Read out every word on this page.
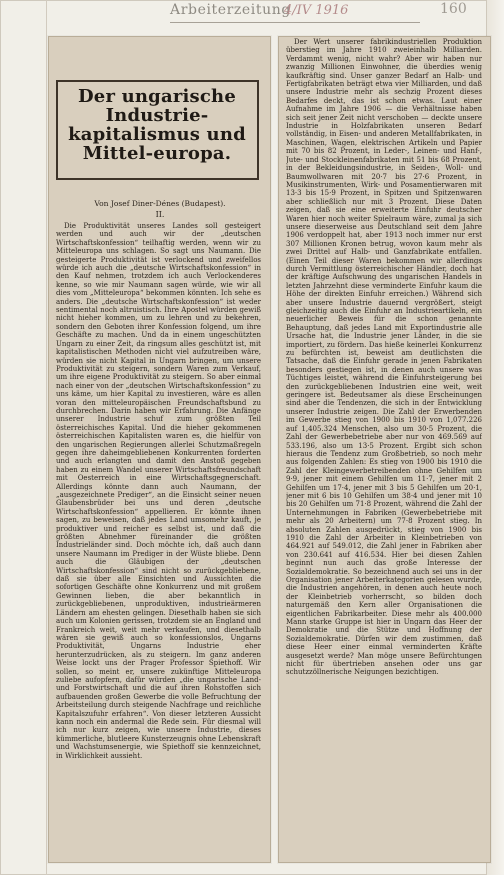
Arbeiterzeitung
4/IV 1916	160
Der ungarische Industrie-kapitalismus und Mittel-europa.
Von Josef Diner-Dénes (Budapest).
II.

Die Produktivität unseres Landes soll gesteigert werden und auch wir der „deutschen Wirtschaftskonfession“ teilhaftig werden, wenn wir zu Mitteleuropa uns schlagen. So sagt uns Naumann. Die gesteigerte Produktivität ist verlockend und zweifellos würde ich auch die „deutsche Wirtschaftskonfession“ in den Kauf nehmen, trotzdem ich auch Verlockenderes kenne, so wie mir Naumann sagen würde, wie wir all dies vom „Mitteleuropa“ bekommen könnten. Ich sehe es anders. Die „deutsche Wirtschaftskonfession“ ist weder sentimental noch altruistisch. Ihre Apostel würden gewiß nicht hieher kommen, um zu lehren und zu bekehren, sondern den Geboten ihrer Konfession folgend, um ihre Geschäfte zu machen. Und da in einem ungeschützten Ungarn zu einer Zeit, da ringsum alles geschützt ist, mit kapitalistischen Methoden nicht viel aufzutreiben wäre, würden sie nicht Kapital in Ungarn bringen, um unsere Produktivität zu steigern, sondern Waren zum Verkauf, um ihre eigene Produktivität zu steigern. So aber einmal nach einer von der „deutschen Wirtschaftskonfession“ zu uns käme, um hier Kapital zu investieren, wäre es allen voran den mitteleuropäischen Freundschaftsbund zu durchbrechen. Darin haben wir Erfahrung. Die Anfänge unserer Industrie schuf zum größten Teil österreichisches Kapital. Und die hieher gekommenen österreichischen Kapitalisten waren es, die hielfür von den ungarischen Regierungen allerlei Schutzmaßregeln gegen ihre daheimgebliebenen Konkurrenten forderten und auch erlangten und damit den Anstoß gegeben haben zu einem Wandel unserer Wirtschaftsfreundschaft mit Oesterreich in eine Wirtschaftsgegnerschaft. Allerdings könnte dann auch Naumann, der „ausgezeichnete Prediger“, an die Einsicht seiner neuen Glaubensbrüder bei uns und deren „deutsche Wirtschaftskonfession“ appellieren. Er könnte ihnen sagen, zu beweisen, daß jedes Land umsomehr kauft, je produktiver und reicher es selbst ist, und daß die größten Abnehmer füreinander die größten Industrieländer sind. Doch möchte ich, daß auch dann unsere Naumann im Prediger in der Wüste bliebe. Denn auch die Gläubigen der „deutschen Wirtschaftskonfession“ sind nicht so zurückgebliebene, daß sie über alle Einsichten und Aussichten die sofortigen Geschäfte ohne Konkurrenz und mit großem Gewinnen lieben, die aber bekanntlich in zurückgebliebenen, unproduktiven, industrieärmeren Ländern am ehesten gelingen. Diesethalb haben sie sich auch um Kolonien gerissen, trotzdem sie an England und Frankreich weit, weit mehr verkaufen, und diesethalb wären sie gewiß auch so konfessionslos, Ungarns Produktivität, Ungarns Industrie eher herunterzudrücken, als zu steigern. Im ganz anderen Weise lockt uns der Prager Professor Spiethoff. Wir sollen, so meint er, unsere zukünftige Mitteleuropa zuliebe aufopfern, dafür würden „die ungarische Land- und Forstwirtschaft und die auf ihren Rohstoffen sich aufbauenden großen Gewerbe die volle Befruchtung der Arbeitsteilung durch steigende Nachfrage und reichliche Kapitalszufuhr erfahren“. Von dieser letzteren Aussicht kann noch ein andermal die Rede sein. Für diesmal will ich nur kurz zeigen, wie unsere Industrie, dieses kümmerliche, blutleere Kunsterzeugnis ohne Lebenskraft und Wachstumsenergie, wie Spiethoff sie kennzeichnet, in Wirklichkeit aussieht.

Der Wert unserer fabrikindustriellen Produktion überstieg im Jahre 1910 zweieinhalb Milliarden. Verdammt wenig, nicht wahr? Aber wir haben nur zwanzig Millionen Einwohner, die überdies wenig kaufkräftig sind. Unser ganzer Bedarf an Halb- und Fertigfabrikaten beträgt etwa vier Milliarden, und daß unsere Industrie mehr als sechzig Prozent dieses Bedarfes deckt, das ist schon etwas. Laut einer Aufnahme im Jahre 1906 — die Verhältnisse haben sich seit jener Zeit nicht verschoben — deckte unsere Industrie in Holzfabrikaten unseren Bedarf vollständig, in Eisen- und anderen Metallfabrikaten, in Maschinen, Wagen, elektrischen Artikeln und Papier mit 70 bis 82 Prozent, in Leder-, Leinen- und Hanf-, Jute- und Stockleinenfabrikaten mit 51 bis 68 Prozent, in der Bekleidungsindustrie, in Seiden-, Woll- und Baumwollwaren mit 20·7 bis 27·6 Prozent, in Musikinstrumenten, Wirk- und Posamentierwaren mit 13·3 bis 15·9 Prozent, in Spitzen und Spitzenwaren aber schließlich nur mit 3 Prozent. Diese Daten zeigen, daß sie eine erweiterte Einfuhr deutscher Waren hier noch weiter Spielraum wäre, zumal ja sich unsere dieserweise aus Deutschland seit dem Jahre 1906 verdoppelt hat, aber 1913 noch immer nur erst 307 Millionen Kronen betrug, wovon kaum mehr als zwei Drittel auf Halb- und Ganzfabrikate entfallen. (Einen Teil dieser Waren bekommen wir allerdings durch Vermittlung österreichischer Händler, doch hat der kräftige Aufschwung des ungarischen Handels in letzten Jahrzehnt diese verminderte Einfuhr kaum die Höhe der direkten Einfuhr erreichen.) Während sich aber unsere Industrie dauernd vergrößert, steigt gleichzeitig auch die Einfuhr an Industrieartikeln, ein neuerlicher Beweis für die schon genannte Behauptung, daß jedes Land mit Exportindustrie alle Ursache hat, die Industrie jener Länder, in die sie importiert, zu fördern. Das hieße keinerlei Konkurrenz zu befürchten ist, beweist am deutlichsten die Tatsache, daß die Einfuhr gerade in jenen Fabrikaten besonders gestiegen ist, in denen auch unsere was Tüchtiges leistet, während die Einfuhrsteigerung bei den zurückgebliebenen Industrien eine weit, weit geringere ist. Bedeutsamer als diese Erscheinungen sind aber die Tendenzen, die sich in der Entwicklung unserer Industrie zeigen. Die Zahl der Erwerbenden im Gewerbe stieg von 1900 bis 1910 von 1,077.226 auf 1,405.324 Menschen, also um 30·5 Prozent, die Zahl der Gewerbebetriebe aber nur von 469.569 auf 533.196, also um 13·5 Prozent. Ergibt sich schon hieraus die Tendenz zum Großbetrieb, so noch mehr aus folgenden Zahlen: Es stieg von 1900 bis 1910 die Zahl der Kleingewerbetreibenden ohne Gehilfen um 9·9, jener mit einem Gehilfen um 11·7, jener mit 2 Gehilfen um 17·4, jener mit 3 bis 5 Gehilfen um 20·1, jener mit 6 bis 10 Gehilfen um 38·4 und jener mit 10 bis 20 Gehilfen um 71·8 Prozent, während die Zahl der Unternehmungen in Fabriken (Gewerbebetriebe mit mehr als 20 Arbeitern) um 77·8 Prozent stieg. In absoluten Zahlen ausgedrückt, stieg von 1900 bis 1910 die Zahl der Arbeiter in Kleinbetrieben von 464.921 auf 549.012, die Zahl jener in Fabriken aber von 230.641 auf 416.534. Hier bei diesen Zahlen beginnt nun auch das große Interesse der Sozialdemokratie. So bezeichnend auch sei uns in der Organisation jener Arbeiterkategorien gelesen wurde, die Industrien angehören, in denen auch heute noch der Kleinbetrieb vorherrscht, so bilden doch naturgemäß den Kern aller Organisationen die eigentlichen Fabrikarbeiter. Diese mehr als 400.000 Mann starke Gruppe ist hier in Ungarn das Heer der Demokratie und die Stütze und Hoffnung der Sozialdemokratie. Dürfen wir dem zustimmen, daß diese Heer einer einmal verminderten Kräfte ausgesetzt werde? Man möge unsere Befürchtungen nicht für übertrieben ansehen oder uns gar schutzzöllnerische Neigungen bezichtigen.
